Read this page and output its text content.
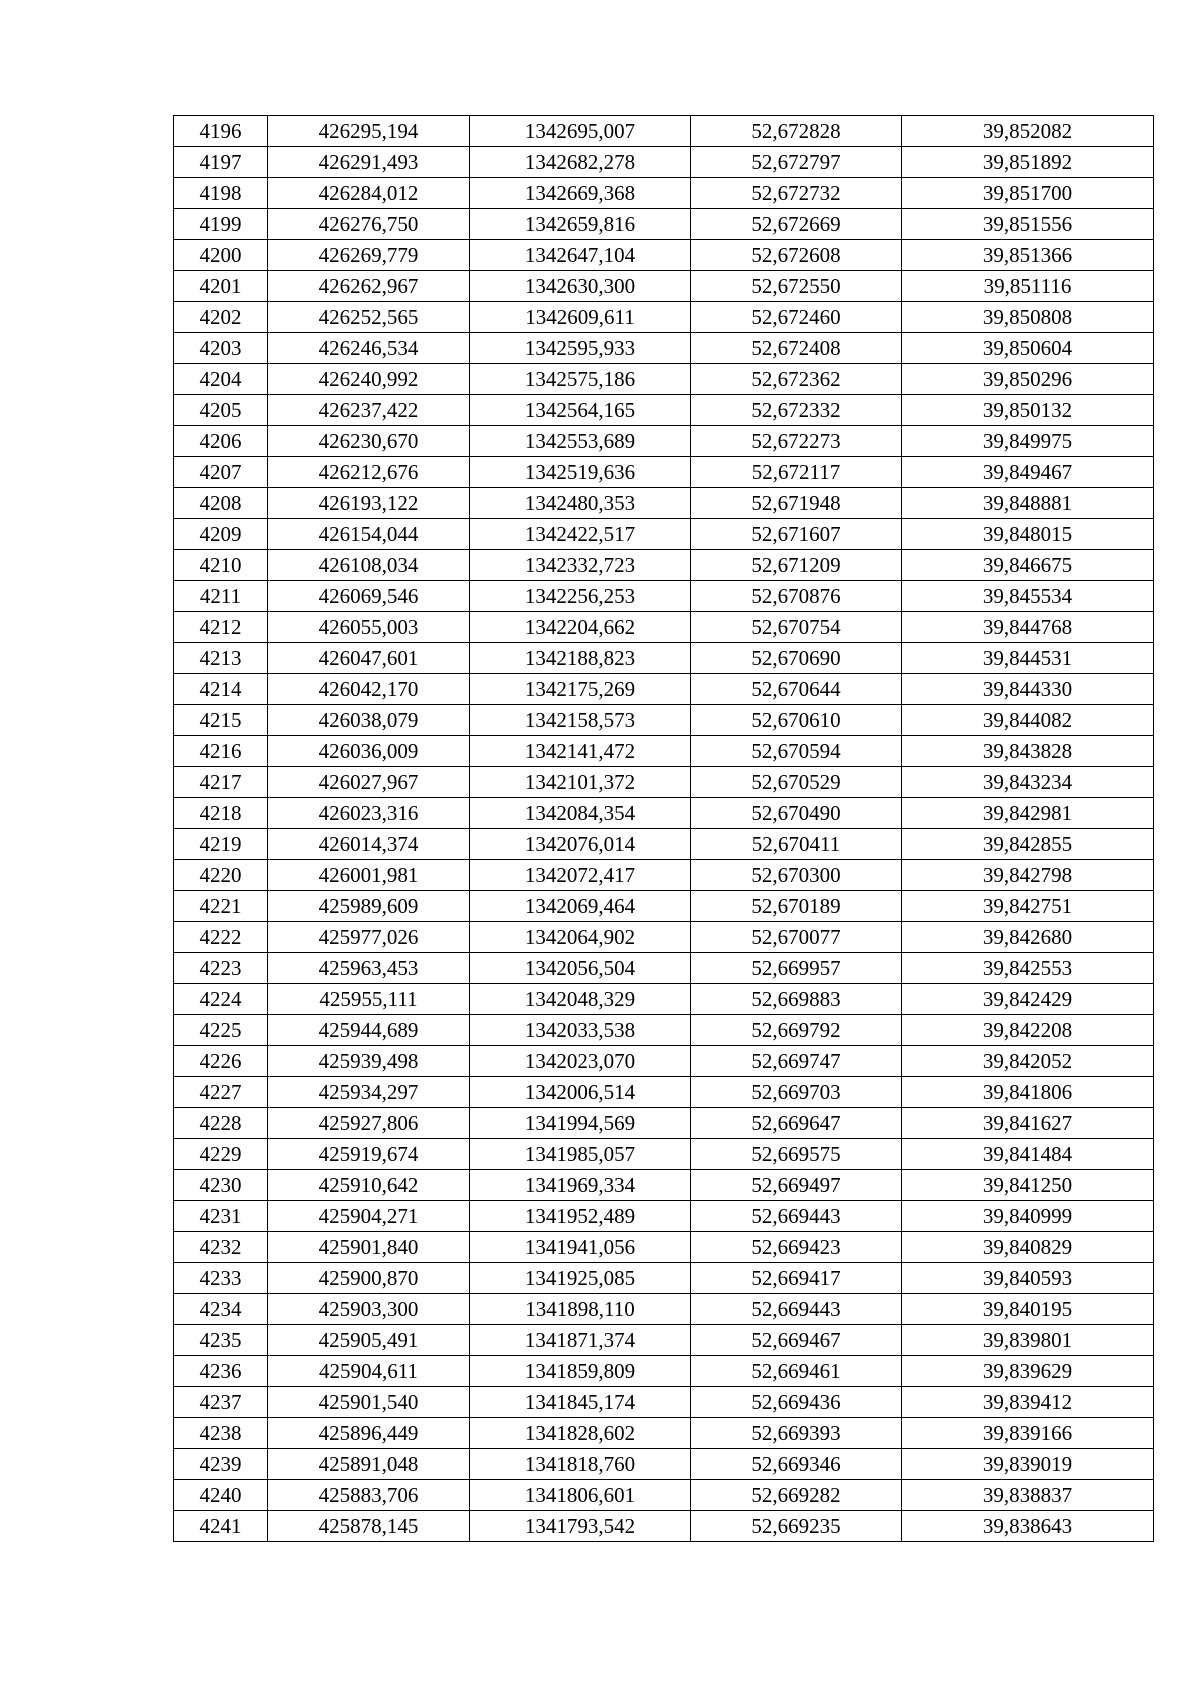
4196	426295,194	1342695,007	52,672828	39,852082
4197	426291,493	1342682,278	52,672797	39,851892
4198	426284,012	1342669,368	52,672732	39,851700
4199	426276,750	1342659,816	52,672669	39,851556
4200	426269,779	1342647,104	52,672608	39,851366
4201	426262,967	1342630,300	52,672550	39,851116
4202	426252,565	1342609,611	52,672460	39,850808
4203	426246,534	1342595,933	52,672408	39,850604
4204	426240,992	1342575,186	52,672362	39,850296
4205	426237,422	1342564,165	52,672332	39,850132
4206	426230,670	1342553,689	52,672273	39,849975
4207	426212,676	1342519,636	52,672117	39,849467
4208	426193,122	1342480,353	52,671948	39,848881
4209	426154,044	1342422,517	52,671607	39,848015
4210	426108,034	1342332,723	52,671209	39,846675
4211	426069,546	1342256,253	52,670876	39,845534
4212	426055,003	1342204,662	52,670754	39,844768
4213	426047,601	1342188,823	52,670690	39,844531
4214	426042,170	1342175,269	52,670644	39,844330
4215	426038,079	1342158,573	52,670610	39,844082
4216	426036,009	1342141,472	52,670594	39,843828
4217	426027,967	1342101,372	52,670529	39,843234
4218	426023,316	1342084,354	52,670490	39,842981
4219	426014,374	1342076,014	52,670411	39,842855
4220	426001,981	1342072,417	52,670300	39,842798
4221	425989,609	1342069,464	52,670189	39,842751
4222	425977,026	1342064,902	52,670077	39,842680
4223	425963,453	1342056,504	52,669957	39,842553
4224	425955,111	1342048,329	52,669883	39,842429
4225	425944,689	1342033,538	52,669792	39,842208
4226	425939,498	1342023,070	52,669747	39,842052
4227	425934,297	1342006,514	52,669703	39,841806
4228	425927,806	1341994,569	52,669647	39,841627
4229	425919,674	1341985,057	52,669575	39,841484
4230	425910,642	1341969,334	52,669497	39,841250
4231	425904,271	1341952,489	52,669443	39,840999
4232	425901,840	1341941,056	52,669423	39,840829
4233	425900,870	1341925,085	52,669417	39,840593
4234	425903,300	1341898,110	52,669443	39,840195
4235	425905,491	1341871,374	52,669467	39,839801
4236	425904,611	1341859,809	52,669461	39,839629
4237	425901,540	1341845,174	52,669436	39,839412
4238	425896,449	1341828,602	52,669393	39,839166
4239	425891,048	1341818,760	52,669346	39,839019
4240	425883,706	1341806,601	52,669282	39,838837
4241	425878,145	1341793,542	52,669235	39,838643
